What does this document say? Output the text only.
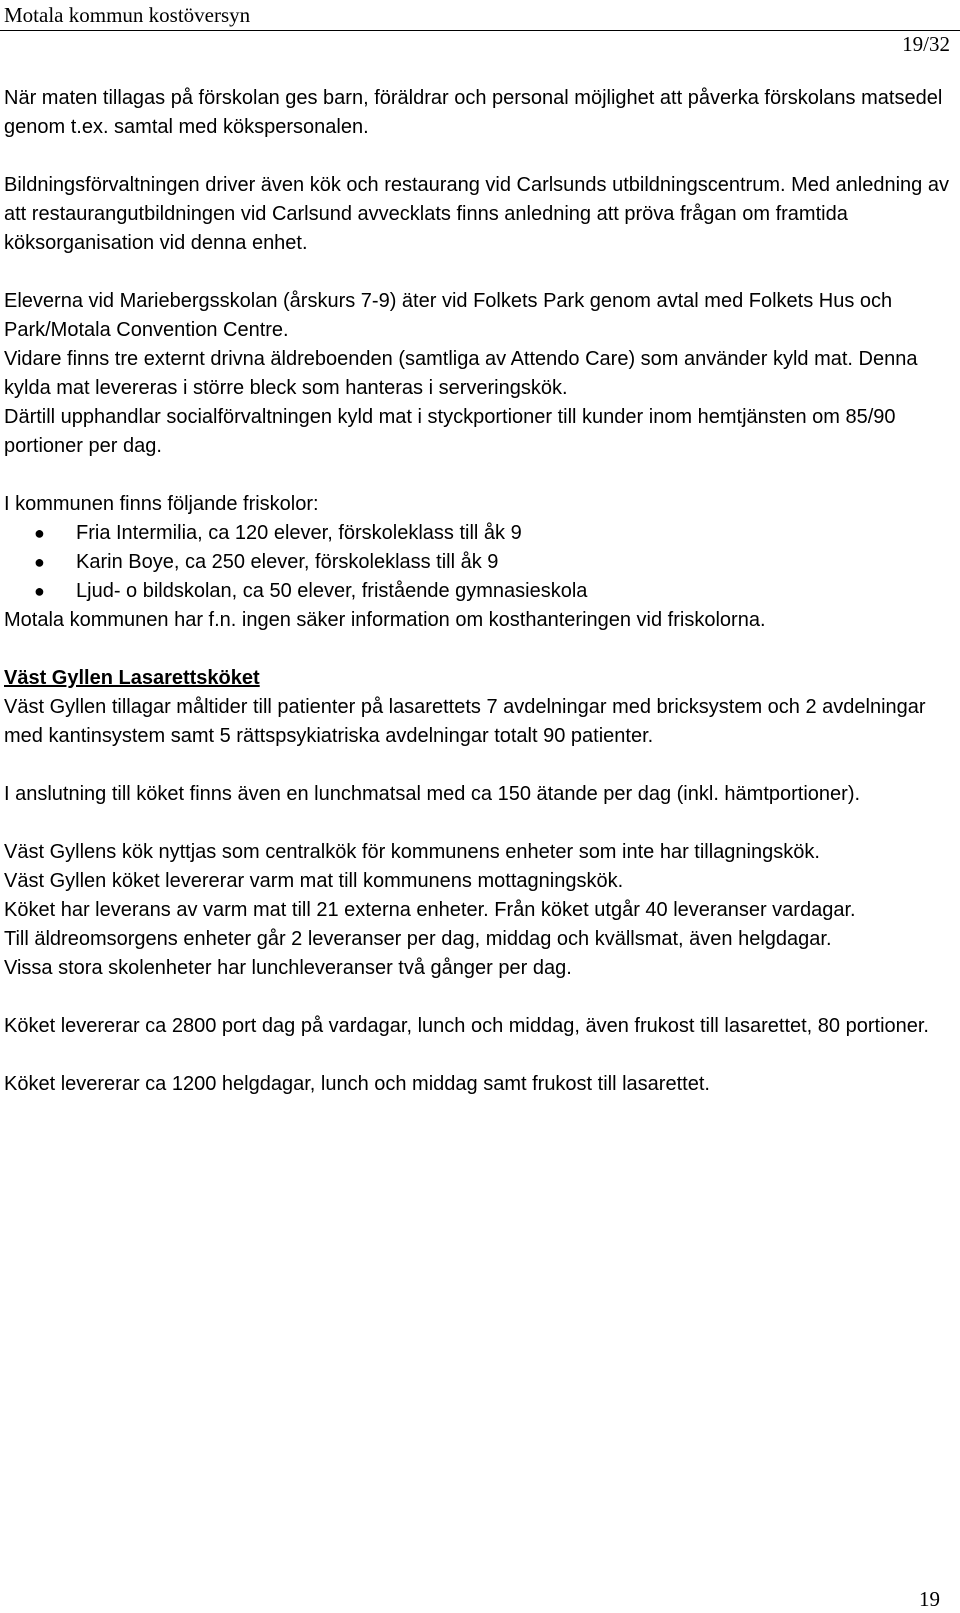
Motala kommun kostöversyn
19/32

När maten tillagas på förskolan ges barn, föräldrar och personal möjlighet att påverka förskolans matsedel genom t.ex. samtal med kökspersonalen.

Bildningsförvaltningen driver även kök och restaurang vid Carlsunds utbildningscentrum. Med anledning av att restaurangutbildningen vid Carlsund avvecklats finns anledning att pröva frågan om framtida köksorganisation vid denna enhet.

Eleverna vid Mariebergsskolan (årskurs 7-9) äter vid Folkets Park genom avtal med Folkets Hus och Park/Motala Convention Centre.

Vidare finns tre externt drivna äldreboenden (samtliga av Attendo Care) som använder kyld mat. Denna kylda mat levereras i större bleck som hanteras i serveringskök.

Därtill upphandlar socialförvaltningen kyld mat i styckportioner till kunder inom hemtjänsten om 85/90 portioner per dag.

I kommunen finns följande friskolor:

●	Fria Intermilia, ca 120 elever, förskoleklass till åk 9
●	Karin Boye, ca 250 elever, förskoleklass till åk 9
●	Ljud- o bildskolan, ca 50 elever, fristående gymnasieskola

Motala kommunen har f.n. ingen säker information om kosthanteringen vid friskolorna.

Väst Gyllen Lasarettsköket

Väst Gyllen tillagar måltider till patienter på lasarettets 7 avdelningar med bricksystem och 2 avdelningar med kantinsystem samt 5 rättspsykiatriska avdelningar totalt 90 patienter.

I anslutning till köket finns även en lunchmatsal med ca 150 ätande per dag (inkl. hämtportioner).

Väst Gyllens kök nyttjas som centralkök för kommunens enheter som inte har tillagningskök.

Väst Gyllen köket levererar varm mat till kommunens mottagningskök.

Köket har leverans av varm mat till 21 externa enheter. Från köket utgår 40 leveranser vardagar.

Till äldreomsorgens enheter går 2 leveranser per dag, middag och kvällsmat, även helgdagar.

Vissa stora skolenheter har lunchleveranser två gånger per dag.

Köket levererar ca 2800 port dag på vardagar, lunch och middag, även frukost till lasarettet, 80 portioner.

Köket levererar ca 1200 helgdagar, lunch och middag samt frukost till lasarettet.

19
